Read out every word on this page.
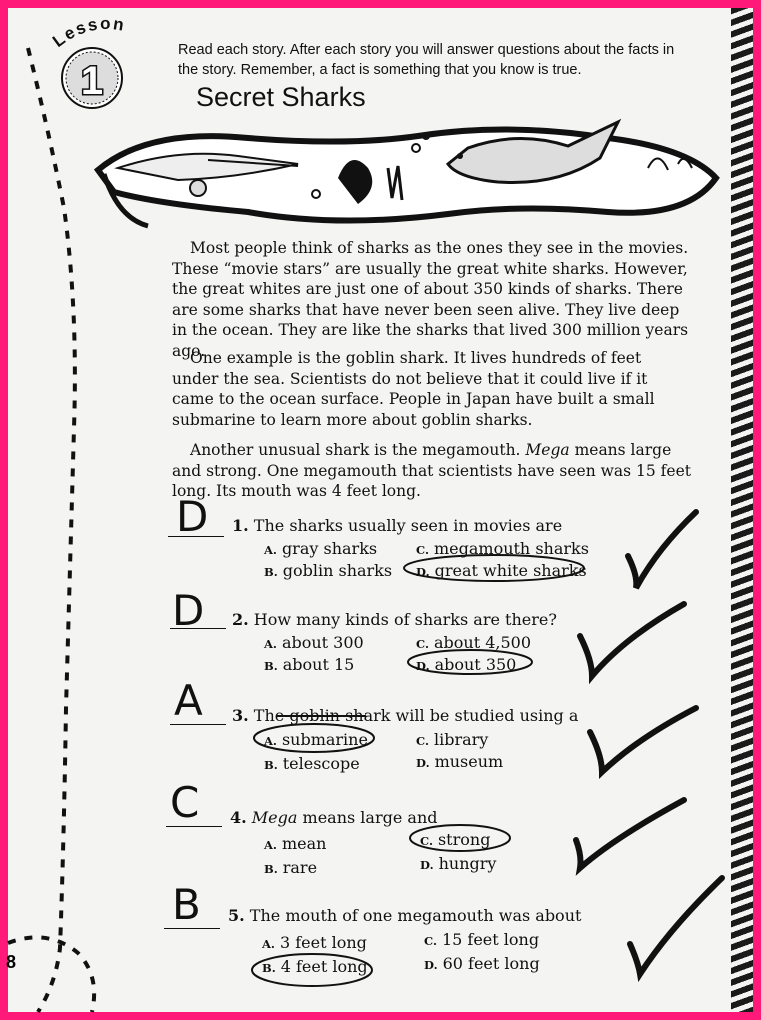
Lesson
1
Read each story. After each story you will answer questions about the facts in the story. Remember, a fact is something that you know is true.
Secret Sharks

Most people think of sharks as the ones they see in the movies. These “movie stars” are usually the great white sharks. However, the great whites are just one of about 350 kinds of sharks. There are some sharks that have never been seen alive. They live deep in the ocean. They are like the sharks that lived 300 million years ago.

One example is the goblin shark. It lives hundreds of feet under the sea. Scientists do not believe that it could live if it came to the ocean surface. People in Japan have built a small submarine to learn more about goblin sharks.

Another unusual shark is the megamouth. Mega means large and strong. One megamouth that scientists have seen was 15 feet long. Its mouth was 4 feet long.

D 1. The sharks usually seen in movies are
A. gray sharks
B. goblin sharks
C. megamouth sharks
D. great white sharks
D 2. How many kinds of sharks are there?
A. about 300
B. about 15
C. about 4,500
D. about 350
A 3. The goblin shark will be studied using a
A. submarine
B. telescope
C. library
D. museum
C 4. Mega means large and
A. mean
B. rare
C. strong
D. hungry
B 5. The mouth of one megamouth was about
A. 3 feet long
B. 4 feet long
C. 15 feet long
D. 60 feet long
8
